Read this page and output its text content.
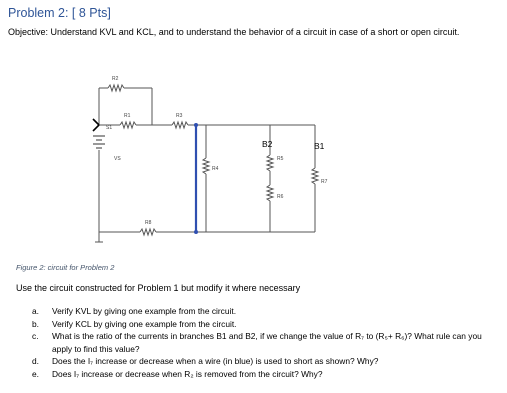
Problem 2: [ 8 Pts]
Objective: Understand KVL and KCL, and to understand the behavior of a circuit in case of a short or open circuit.
R2
R1	R3
S1
VS
R4
R5
R6
R7
R8
B2	B1
Figure 2: circuit for Problem 2
Use the circuit constructed for Problem 1 but modify it where necessary
a. Verify KVL by giving one example from the circuit.
b. Verify KCL by giving one example from the circuit.
c. What is the ratio of the currents in branches B1 and B2, if we change the value of R₇ to (R₅+ R₆)? What rule can you apply to find this value?
d. Does the I₇ increase or decrease when a wire (in blue) is used to short as shown? Why?
e. Does I₇ increase or decrease when R₂ is removed from the circuit? Why?
